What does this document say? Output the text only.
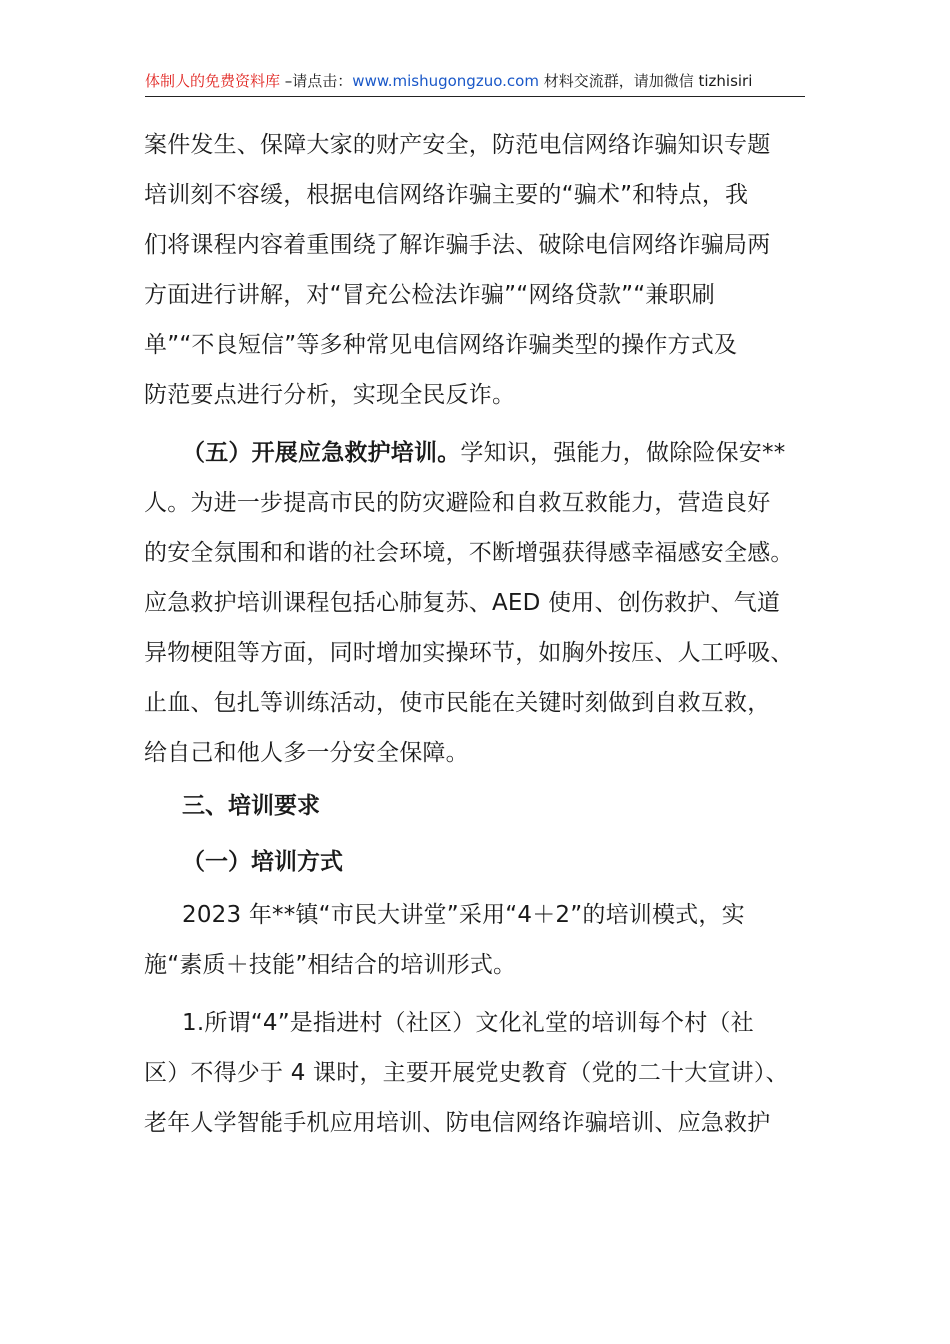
体制人的免费资料库 –请点击：www.mishugongzuo.com 材料交流群，请加微信 tizhisiri
案件发生、保障大家的财产安全，防范电信网络诈骗知识专题
培训刻不容缓，根据电信网络诈骗主要的“骗术”和特点，我
们将课程内容着重围绕了解诈骗手法、破除电信网络诈骗局两
方面进行讲解，对“冒充公检法诈骗”“网络贷款”“兼职刷
单”“不良短信”等多种常见电信网络诈骗类型的操作方式及
防范要点进行分析，实现全民反诈。
（五）开展应急救护培训。学知识，强能力，做除险保安**
人。为进一步提高市民的防灾避险和自救互救能力，营造良好
的安全氛围和和谐的社会环境，不断增强获得感幸福感安全感。
应急救护培训课程包括心肺复苏、AED 使用、创伤救护、气道
异物梗阻等方面，同时增加实操环节，如胸外按压、人工呼吸、
止血、包扎等训练活动，使市民能在关键时刻做到自救互救，
给自己和他人多一分安全保障。
三、培训要求
（一）培训方式
2023 年**镇“市民大讲堂”采用“4＋2”的培训模式，实
施“素质＋技能”相结合的培训形式。
1.所谓“4”是指进村（社区）文化礼堂的培训每个村（社
区）不得少于 4 课时，主要开展党史教育（党的二十大宣讲）、
老年人学智能手机应用培训、防电信网络诈骗培训、应急救护
